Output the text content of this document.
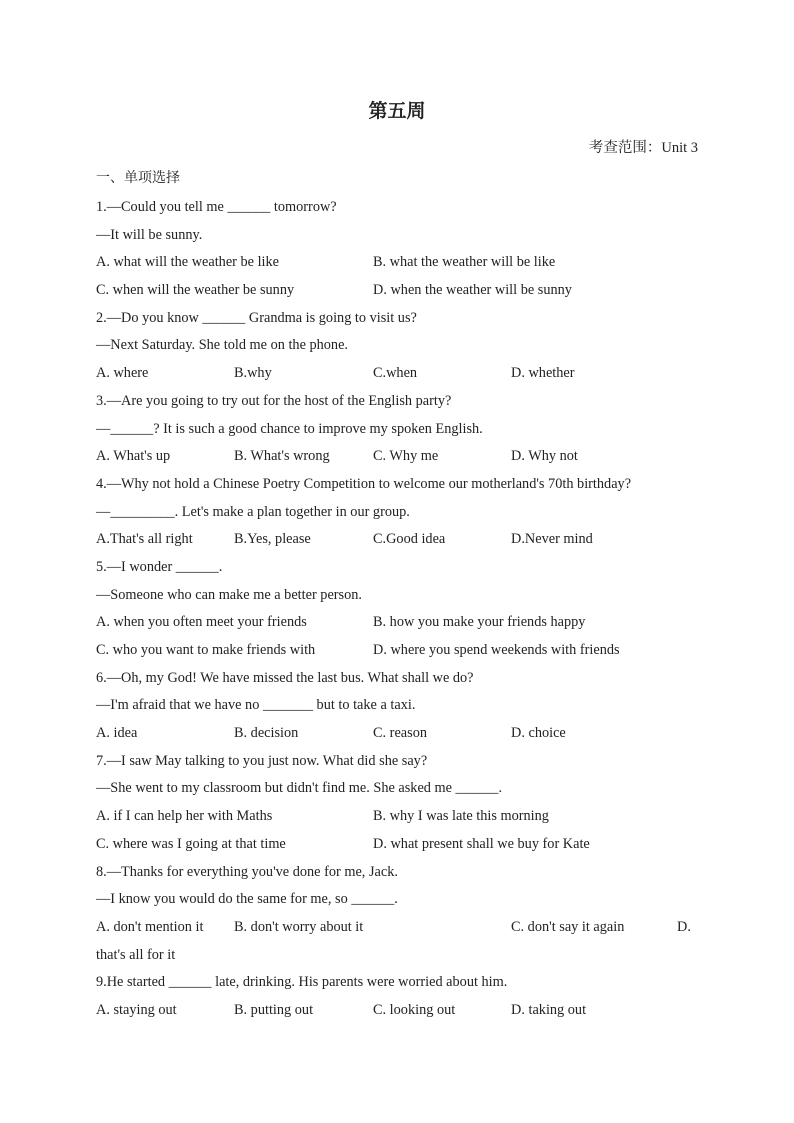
第五周
考查范围：Unit 3
一、单项选择
1.—Could you tell me ______ tomorrow?
—It will be sunny.
A. what will the weather be like	B. what the weather will be like
C. when will the weather be sunny	D. when the weather will be sunny
2.—Do you know ______ Grandma is going to visit us?
—Next Saturday. She told me on the phone.
A. where	B.why	C.when	D. whether
3.—Are you going to try out for the host of the English party?
—______? It is such a good chance to improve my spoken English.
A. What's up	B. What's wrong	C. Why me	D. Why not
4.—Why not hold a Chinese Poetry Competition to welcome our motherland's 70th birthday?
—_________. Let's make a plan together in our group.
A.That's all right	B.Yes, please	C.Good idea	D.Never mind
5.—I wonder ______.
—Someone who can make me a better person.
A. when you often meet your friends	B. how you make your friends happy
C. who you want to make friends with	D. where you spend weekends with friends
6.—Oh, my God! We have missed the last bus. What shall we do?
—I'm afraid that we have no _______ but to take a taxi.
A. idea	B. decision	C. reason	D. choice
7.—I saw May talking to you just now. What did she say?
—She went to my classroom but didn't find me. She asked me ______.
A. if I can help her with Maths	B. why I was late this morning
C. where was I going at that time	D. what present shall we buy for Kate
8.—Thanks for everything you've done for me, Jack.
—I know you would do the same for me, so ______.
A. don't mention it B. don't worry about it	C. don't say it again	D.
that's all for it
9.He started ______ late, drinking. His parents were worried about him.
A. staying out	B. putting out	C. looking out	D. taking out
